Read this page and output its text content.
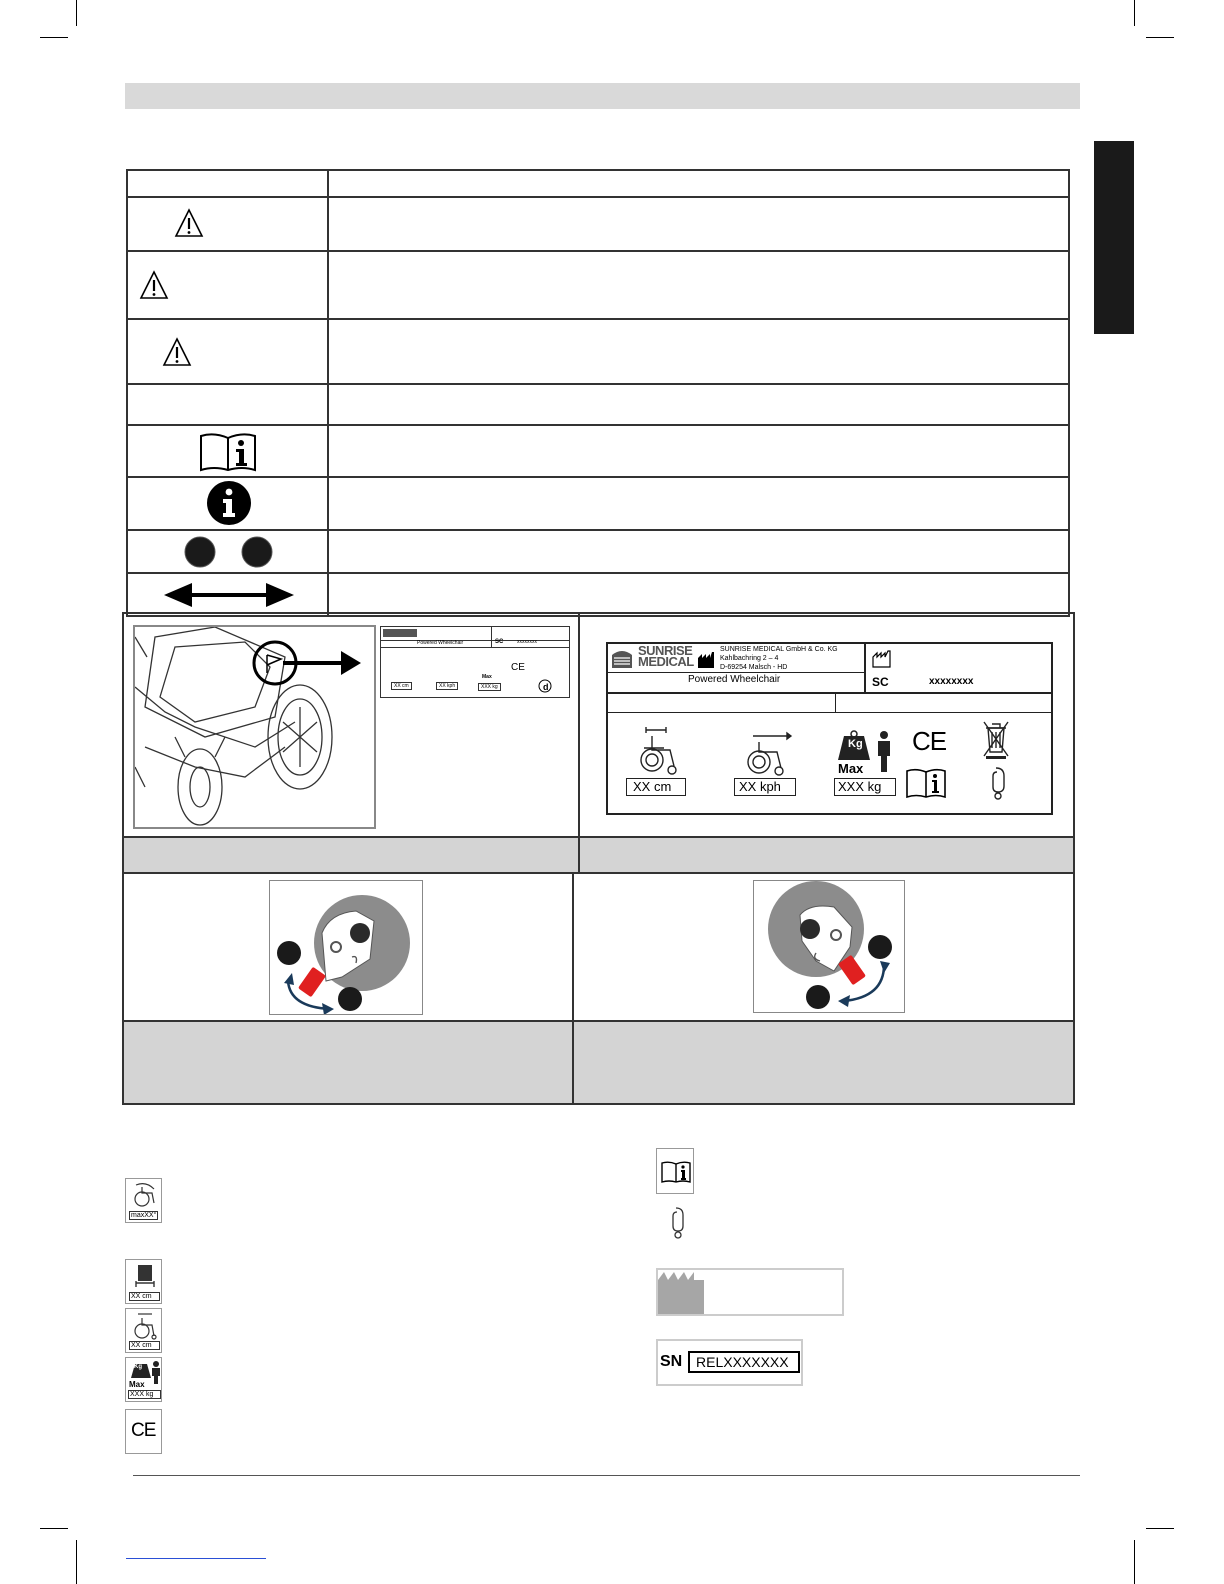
SC	xxxxxxxx
Powered Wheelchair
XX cm	XX kph	XXX kg
Max
CE
d
SUNRISE
MEDICAL
SUNRISE MEDICAL GmbH & Co. KG
Kahlbachring 2 – 4
D-69254 Malsch - HD
Powered Wheelchair	SC	xxxxxxxx
Kg
Max
CE
XX cm	XX kph	XXX kg
maxXX°
XX cm
XX cm
Kg
Max
XXX kg
CE
SN RELXXXXXXX
